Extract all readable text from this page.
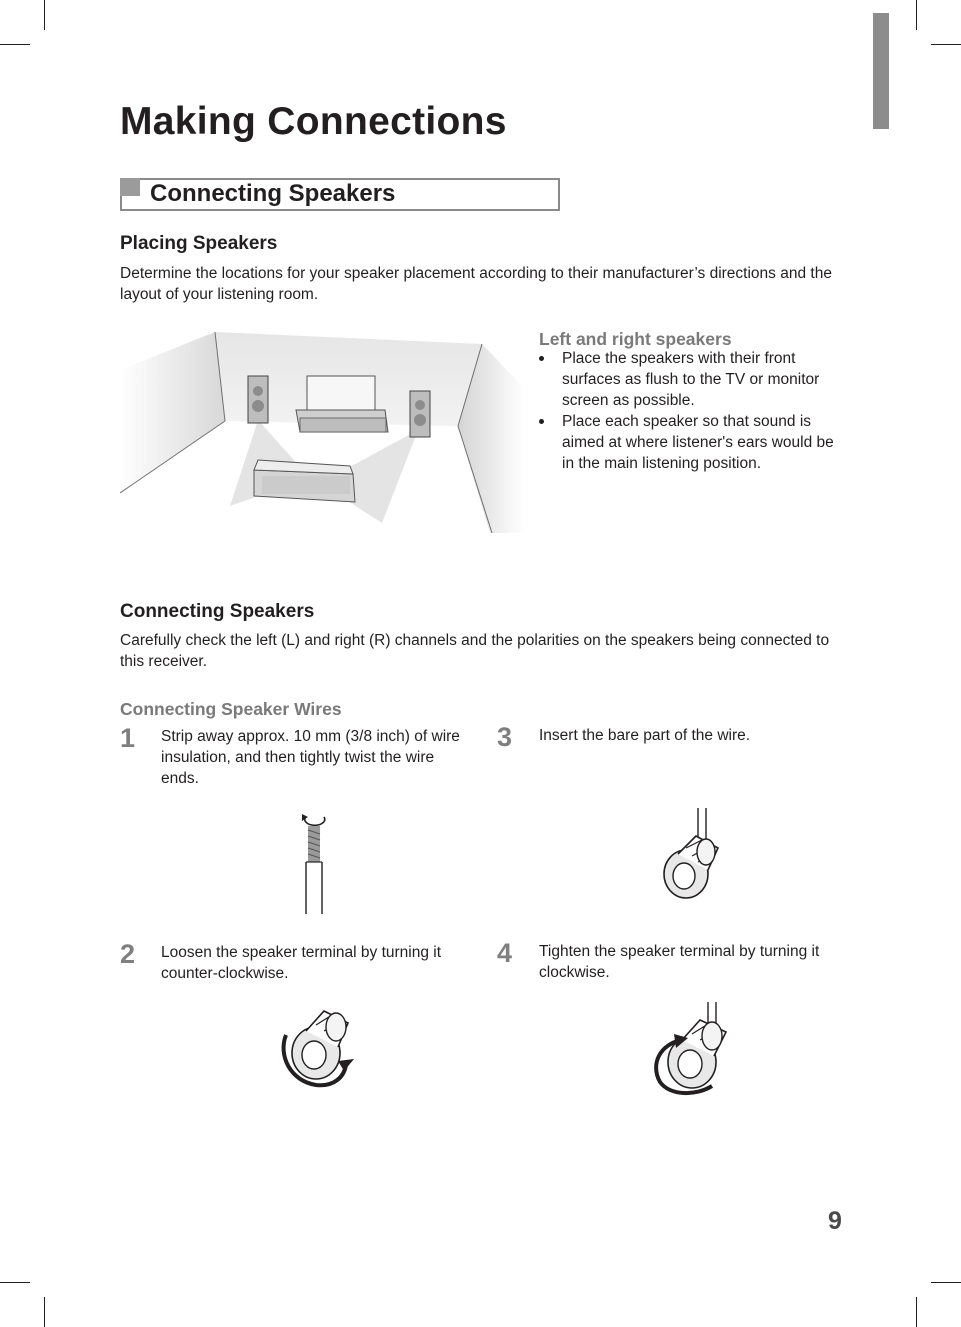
Making Connections
Connecting Speakers
Placing Speakers

Determine the locations for your speaker placement according to their manufacturer’s directions and the layout of your listening room.

Left and right speakers
Place the speakers with their front surfaces as flush to the TV or monitor screen as possible.
Place each speaker so that sound is aimed at where listener's ears would be in the main listening position.
Connecting Speakers

Carefully check the left (L) and right (R) channels and the polarities on the speakers being connected to this receiver.

Connecting Speaker Wires
1 Strip away approx. 10 mm (3/8 inch) of wire insulation, and then tightly twist the wire ends.
2 Loosen the speaker terminal by turning it counter-clockwise.
3 Insert the bare part of the wire.
4 Tighten the speaker terminal by turning it clockwise.
9
